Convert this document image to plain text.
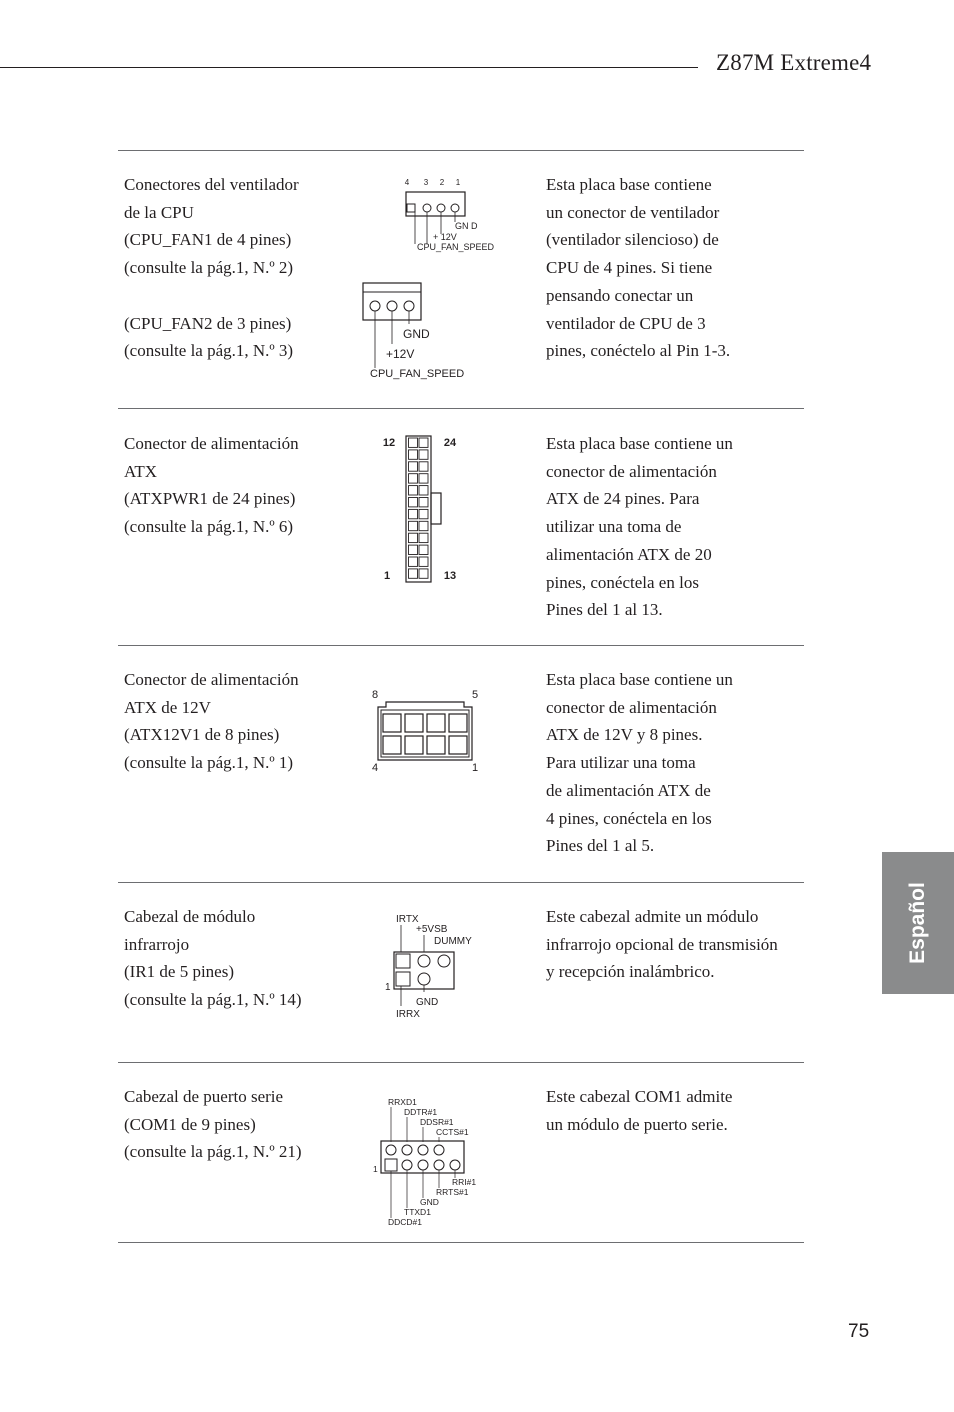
Z87M Extreme4
Conectores del ventilador
de la CPU
(CPU_FAN1 de 4 pines)
(consulte la pág.1, N.º 2)
(CPU_FAN2 de 3 pines)
(consulte la pág.1, N.º 3)
4 3 2 1
GN D
+ 12V
CPU_FAN_SPEED
GND
+12V
CPU_FAN_SPEED
Esta placa base contiene
un conector de ventilador
(ventilador silencioso) de
CPU de 4 pines. Si tiene
pensando conectar un
ventilador de CPU de 3
pines, conéctelo al Pin 1-3.
Conector de alimentación
ATX
(ATXPWR1 de 24 pines)
(consulte la pág.1, N.º 6)
12	24
1	13
Esta placa base contiene un
conector de alimentación
ATX de 24 pines. Para
utilizar una toma de
alimentación ATX de 20
pines, conéctela en los
Pines del 1 al 13.
Conector de alimentación
ATX de 12V
(ATX12V1 de 8 pines)
(consulte la pág.1, N.º 1)
8	5
4	1
Esta placa base contiene un
conector de alimentación
ATX de 12V y 8 pines.
Para utilizar una toma
de alimentación ATX de
4 pines, conéctela en los
Pines del 1 al 5.
Cabezal de módulo
infrarrojo
(IR1 de 5 pines)
(consulte la pág.1, N.º 14)
IRTX
+5VSB
DUMMY
1
GND
IRRX
Este cabezal admite un módulo
infrarrojo opcional de transmisión
y recepción inalámbrico.
Cabezal de puerto serie
(COM1 de 9 pines)
(consulte la pág.1, N.º 21)
RRXD1
DDTR#1
DDSR#1
CCTS#1
1
RRI#1
RRTS#1
GND
TTXD1
DDCD#1
Este cabezal COM1 admite
un módulo de puerto serie.
Español
75
